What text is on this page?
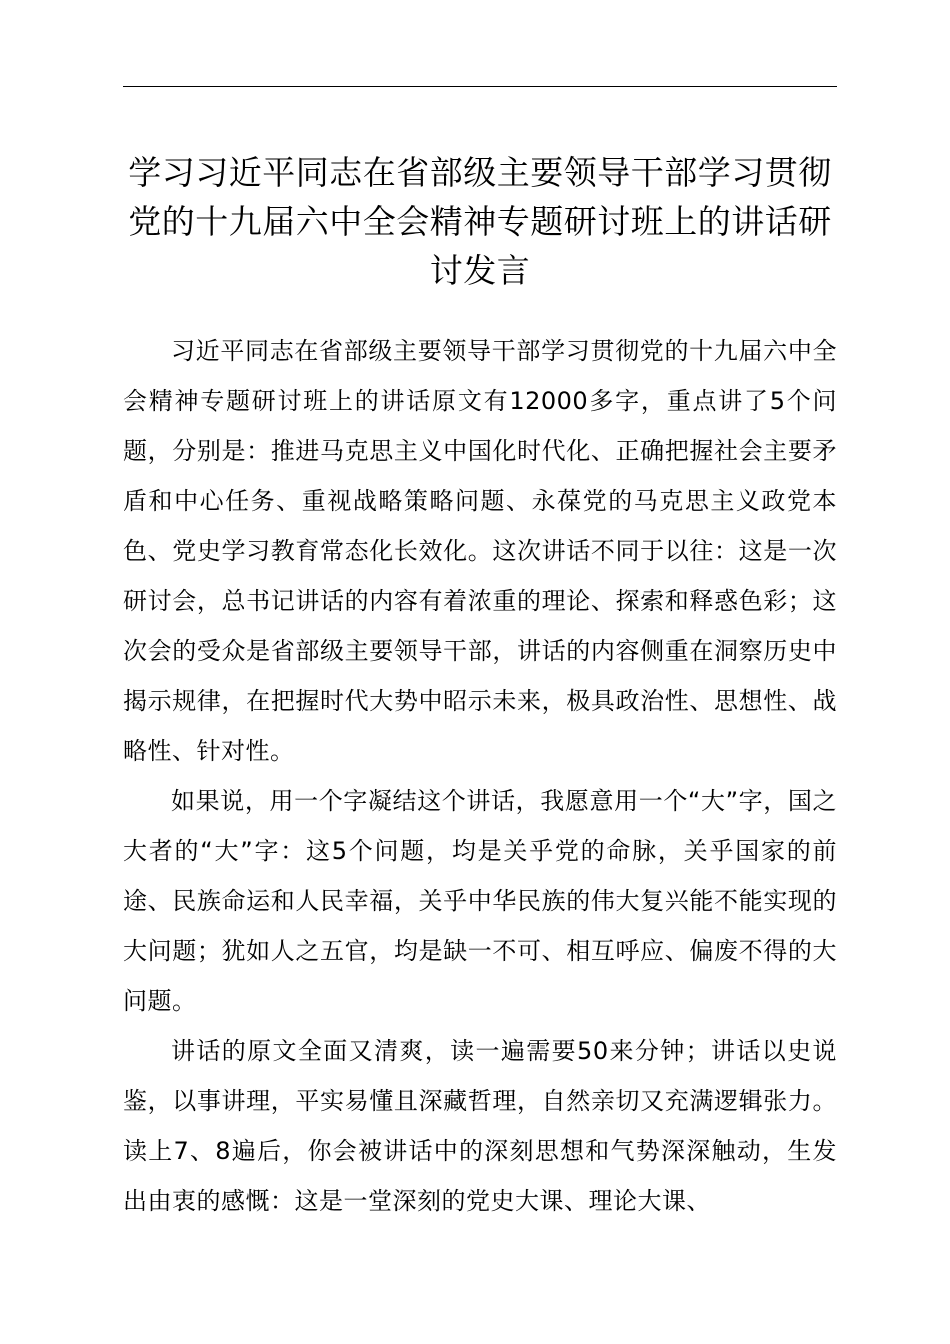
学习习近平同志在省部级主要领导干部学习贯彻党的十九届六中全会精神专题研讨班上的讲话研讨发言

习近平同志在省部级主要领导干部学习贯彻党的十九届六中全会精神专题研讨班上的讲话原文有12000多字，重点讲了5个问题，分别是：推进马克思主义中国化时代化、正确把握社会主要矛盾和中心任务、重视战略策略问题、永葆党的马克思主义政党本色、党史学习教育常态化长效化。这次讲话不同于以往：这是一次研讨会，总书记讲话的内容有着浓重的理论、探索和释惑色彩；这次会的受众是省部级主要领导干部，讲话的内容侧重在洞察历史中揭示规律，在把握时代大势中昭示未来，极具政治性、思想性、战略性、针对性。

如果说，用一个字凝结这个讲话，我愿意用一个“大”字，国之大者的“大”字：这5个问题，均是关乎党的命脉，关乎国家的前途、民族命运和人民幸福，关乎中华民族的伟大复兴能不能实现的大问题；犹如人之五官，均是缺一不可、相互呼应、偏废不得的大问题。

讲话的原文全面又清爽，读一遍需要50来分钟；讲话以史说鉴，以事讲理，平实易懂且深藏哲理，自然亲切又充满逻辑张力。读上7、8遍后，你会被讲话中的深刻思想和气势深深触动，生发出由衷的感慨：这是一堂深刻的党史大课、理论大课、
